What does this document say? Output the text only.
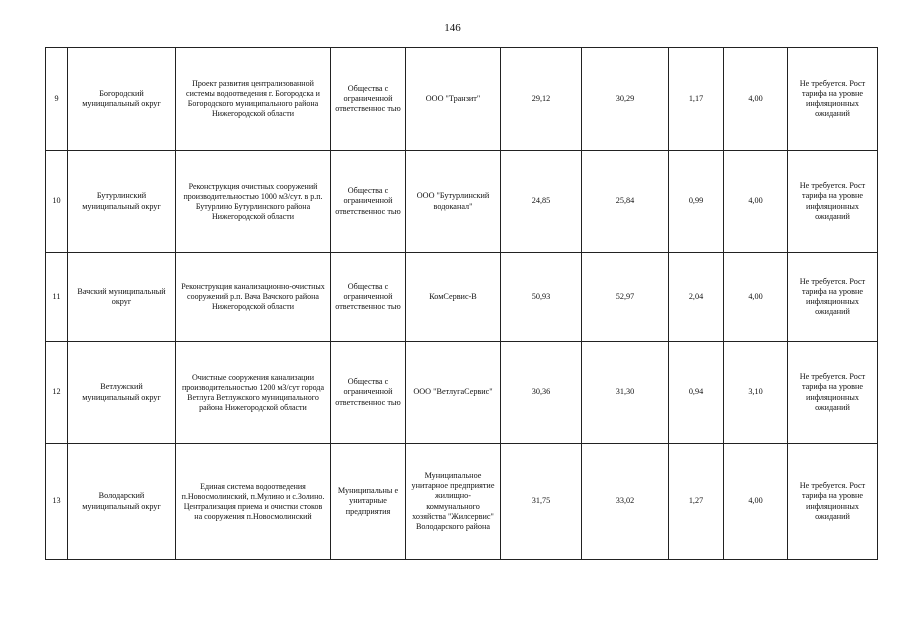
146
9	Богородский муниципальный округ	Проект развития централизованной системы водоотведения г. Богородска и Богородского муниципального района Нижегородской области	Общества с ограниченной ответственнос тью	ООО "Транзит"	29,12	30,29	1,17	4,00	Не требуется. Рост тарифа на уровне инфляционных ожиданий
10	Бутурлинский муниципальный округ	Реконструкция очистных сооружений производительностью 1000 м3/сут. в р.п. Бутурлино Бутурлинского района Нижегородской области	Общества с ограниченной ответственнос тью	ООО "Бутурлинский водоканал"	24,85	25,84	0,99	4,00	Не требуется. Рост тарифа на уровне инфляционных ожиданий
11	Вачский муниципальный округ	Реконструкция канализационно-очистных сооружений р.п. Вача Вачского района Нижегородской области	Общества с ограниченной ответственнос тью	КомСервис-В	50,93	52,97	2,04	4,00	Не требуется. Рост тарифа на уровне инфляционных ожиданий
12	Ветлужский муниципальный округ	Очистные сооружения канализации производительностью 1200 м3/сут города Ветлуга Ветлужского муниципального района Нижегородской области	Общества с ограниченной ответственнос тью	ООО "ВетлугаСервис"	30,36	31,30	0,94	3,10	Не требуется. Рост тарифа на уровне инфляционных ожиданий
13	Володарский муниципальный округ	Единая система водоотведения п.Новосмолинский, п.Мулино и с.Золино. Централизация приема и очистки стоков на сооружения п.Новосмолинский	Муниципальны е унитарные предприятия	Муниципальное унитарное предприятие жилищно-коммунального хозяйства "Жилсервис" Володарского района	31,75	33,02	1,27	4,00	Не требуется. Рост тарифа на уровне инфляционных ожиданий
